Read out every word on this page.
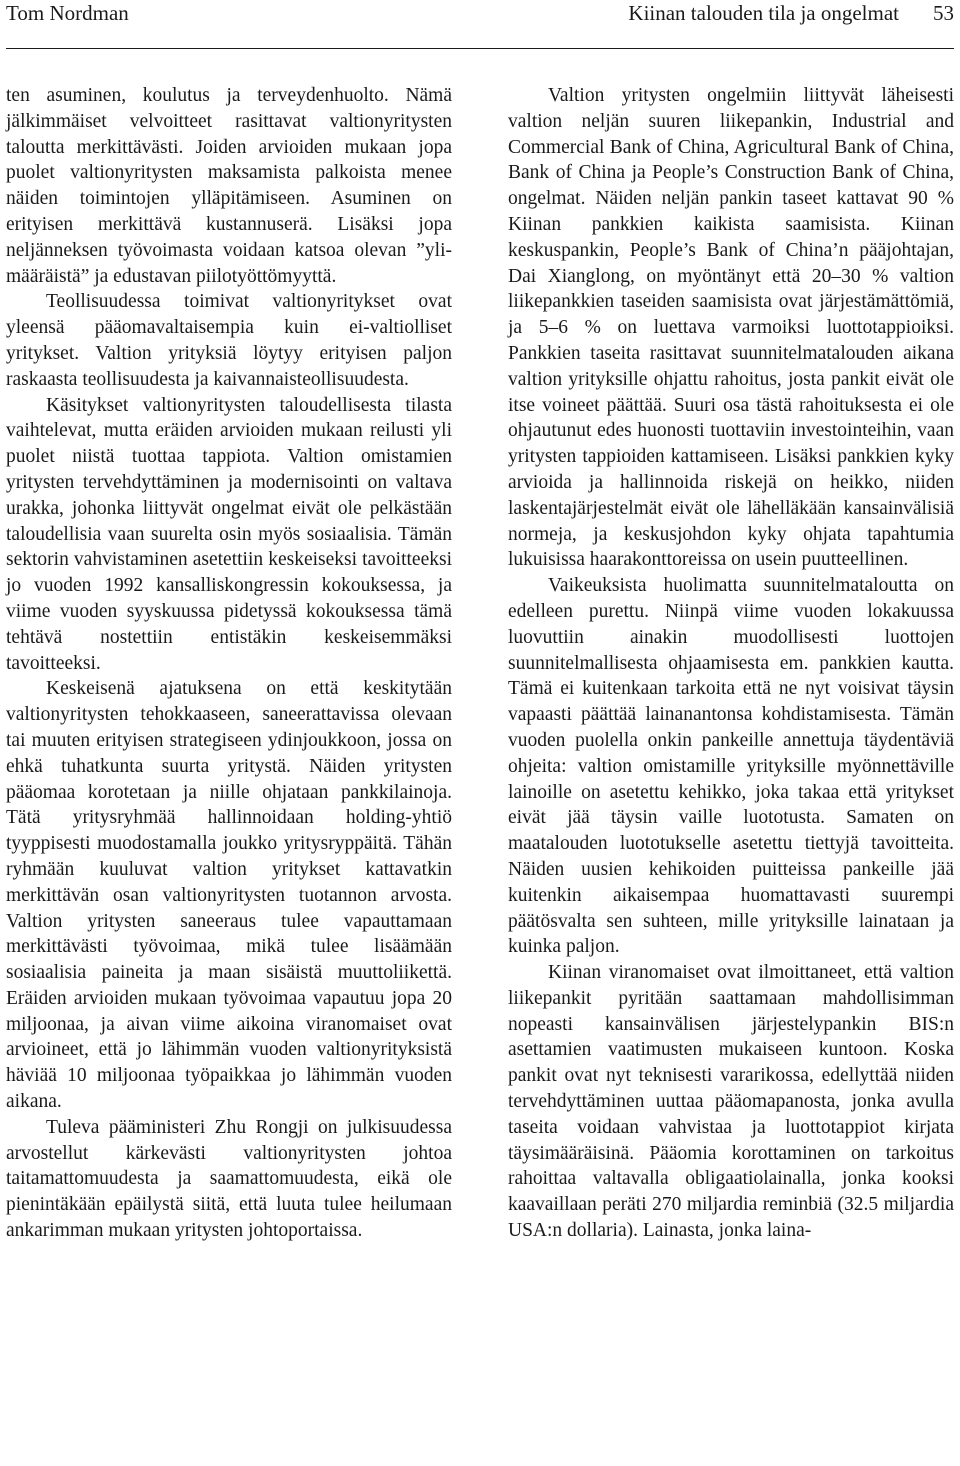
Tom Nordman	Kiinan talouden tila ja ongelmat 53

ten asuminen, koulutus ja terveydenhuolto. Nämä jälkimmäiset velvoitteet rasittavat valtionyritysten taloutta merkittävästi. Joiden arvioiden mukaan jopa puolet valtionyritysten maksamista palkoista menee näiden toimintojen ylläpitämiseen. Asuminen on erityisen merkittävä kustannuserä. Lisäksi jopa neljänneksen työvoimasta voidaan katsoa olevan ”yli-määräistä” ja edustavan piilotyöttömyyttä.

Teollisuudessa toimivat valtionyritykset ovat yleensä pääomavaltaisempia kuin ei-valtiolliset yritykset. Valtion yrityksiä löytyy erityisen paljon raskaasta teollisuudesta ja kaivannaisteollisuudesta.

Käsitykset valtionyritysten taloudellisesta tilasta vaihtelevat, mutta eräiden arvioiden mukaan reilusti yli puolet niistä tuottaa tappiota. Valtion omistamien yritysten tervehdyttäminen ja modernisointi on valtava urakka, johonka liittyvät ongelmat eivät ole pelkästään taloudellisia vaan suurelta osin myös sosiaalisia. Tämän sektorin vahvistaminen asetettiin keskeiseksi tavoitteeksi jo vuoden 1992 kansalliskongressin kokouksessa, ja viime vuoden syyskuussa pidetyssä kokouksessa tämä tehtävä nostettiin entistäkin keskeisemmäksi tavoitteeksi.

Keskeisenä ajatuksena on että keskitytään valtionyritysten tehokkaaseen, saneerattavissa olevaan tai muuten erityisen strategiseen ydinjoukkoon, jossa on ehkä tuhatkunta suurta yritystä. Näiden yritysten pääomaa korotetaan ja niille ohjataan pankkilainoja. Tätä yritysryhmää hallinnoidaan holding-yhtiö tyyppisesti muodostamalla joukko yritysryppäitä. Tähän ryhmään kuuluvat valtion yritykset kattavatkin merkittävän osan valtionyritysten tuotannon arvosta. Valtion yritysten saneeraus tulee vapauttamaan merkittävästi työvoimaa, mikä tulee lisäämään sosiaalisia paineita ja maan sisäistä muuttoliikettä. Eräiden arvioiden mukaan työvoimaa vapautuu jopa 20 miljoonaa, ja aivan viime aikoina viranomaiset ovat arvioineet, että jo lähimmän vuoden valtionyrityksistä häviää 10 miljoonaa työpaikkaa jo lähimmän vuoden aikana.

Tuleva pääministeri Zhu Rongji on julkisuudessa arvostellut kärkevästi valtionyritysten johtoa taitamattomuudesta ja saamattomuudesta, eikä ole pienintäkään epäilystä siitä, että luuta tulee heilumaan ankarimman mukaan yritysten johtoportaissa.

Valtion yritysten ongelmiin liittyvät läheisesti valtion neljän suuren liikepankin, Industrial and Commercial Bank of China, Agricultural Bank of China, Bank of China ja People’s Construction Bank of China, ongelmat. Näiden neljän pankin taseet kattavat 90 % Kiinan pankkien kaikista saamisista. Kiinan keskuspankin, People’s Bank of China’n pääjohtajan, Dai Xianglong, on myöntänyt että 20–30 % valtion liikepankkien taseiden saamisista ovat järjestämättömiä, ja 5–6 % on luettava varmoiksi luottotappioiksi. Pankkien taseita rasittavat suunnitelmatalouden aikana valtion yrityksille ohjattu rahoitus, josta pankit eivät ole itse voineet päättää. Suuri osa tästä rahoituksesta ei ole ohjautunut edes huonosti tuottaviin investointeihin, vaan yritysten tappioiden kattamiseen. Lisäksi pankkien kyky arvioida ja hallinnoida riskejä on heikko, niiden laskentajärjestelmät eivät ole lähelläkään kansainvälisiä normeja, ja keskusjohdon kyky ohjata tapahtumia lukuisissa haarakonttoreissa on usein puutteellinen.

Vaikeuksista huolimatta suunnitelmataloutta on edelleen purettu. Niinpä viime vuoden lokakuussa luovuttiin ainakin muodollisesti luottojen suunnitelmallisesta ohjaamisesta em. pankkien kautta. Tämä ei kuitenkaan tarkoita että ne nyt voisivat täysin vapaasti päättää lainanantonsa kohdistamisesta. Tämän vuoden puolella onkin pankeille annettuja täydentäviä ohjeita: valtion omistamille yrityksille myönnettäville lainoille on asetettu kehikko, joka takaa että yritykset eivät jää täysin vaille luototusta. Samaten on maatalouden luototukselle asetettu tiettyjä tavoitteita. Näiden uusien kehikoiden puitteissa pankeille jää kuitenkin aikaisempaa huomattavasti suurempi päätösvalta sen suhteen, mille yrityksille lainataan ja kuinka paljon.

Kiinan viranomaiset ovat ilmoittaneet, että valtion liikepankit pyritään saattamaan mahdollisimman nopeasti kansainvälisen järjestelypankin BIS:n asettamien vaatimusten mukaiseen kuntoon. Koska pankit ovat nyt teknisesti vararikossa, edellyttää niiden tervehdyttäminen uuttaa pääomapanosta, jonka avulla taseita voidaan vahvistaa ja luottotappiot kirjata täysimääräisinä. Pääomia korottaminen on tarkoitus rahoittaa valtavalla obligaatiolainalla, jonka kooksi kaavaillaan peräti 270 miljardia reminbiä (32.5 miljardia USA:n dollaria). Lainasta, jonka laina-
